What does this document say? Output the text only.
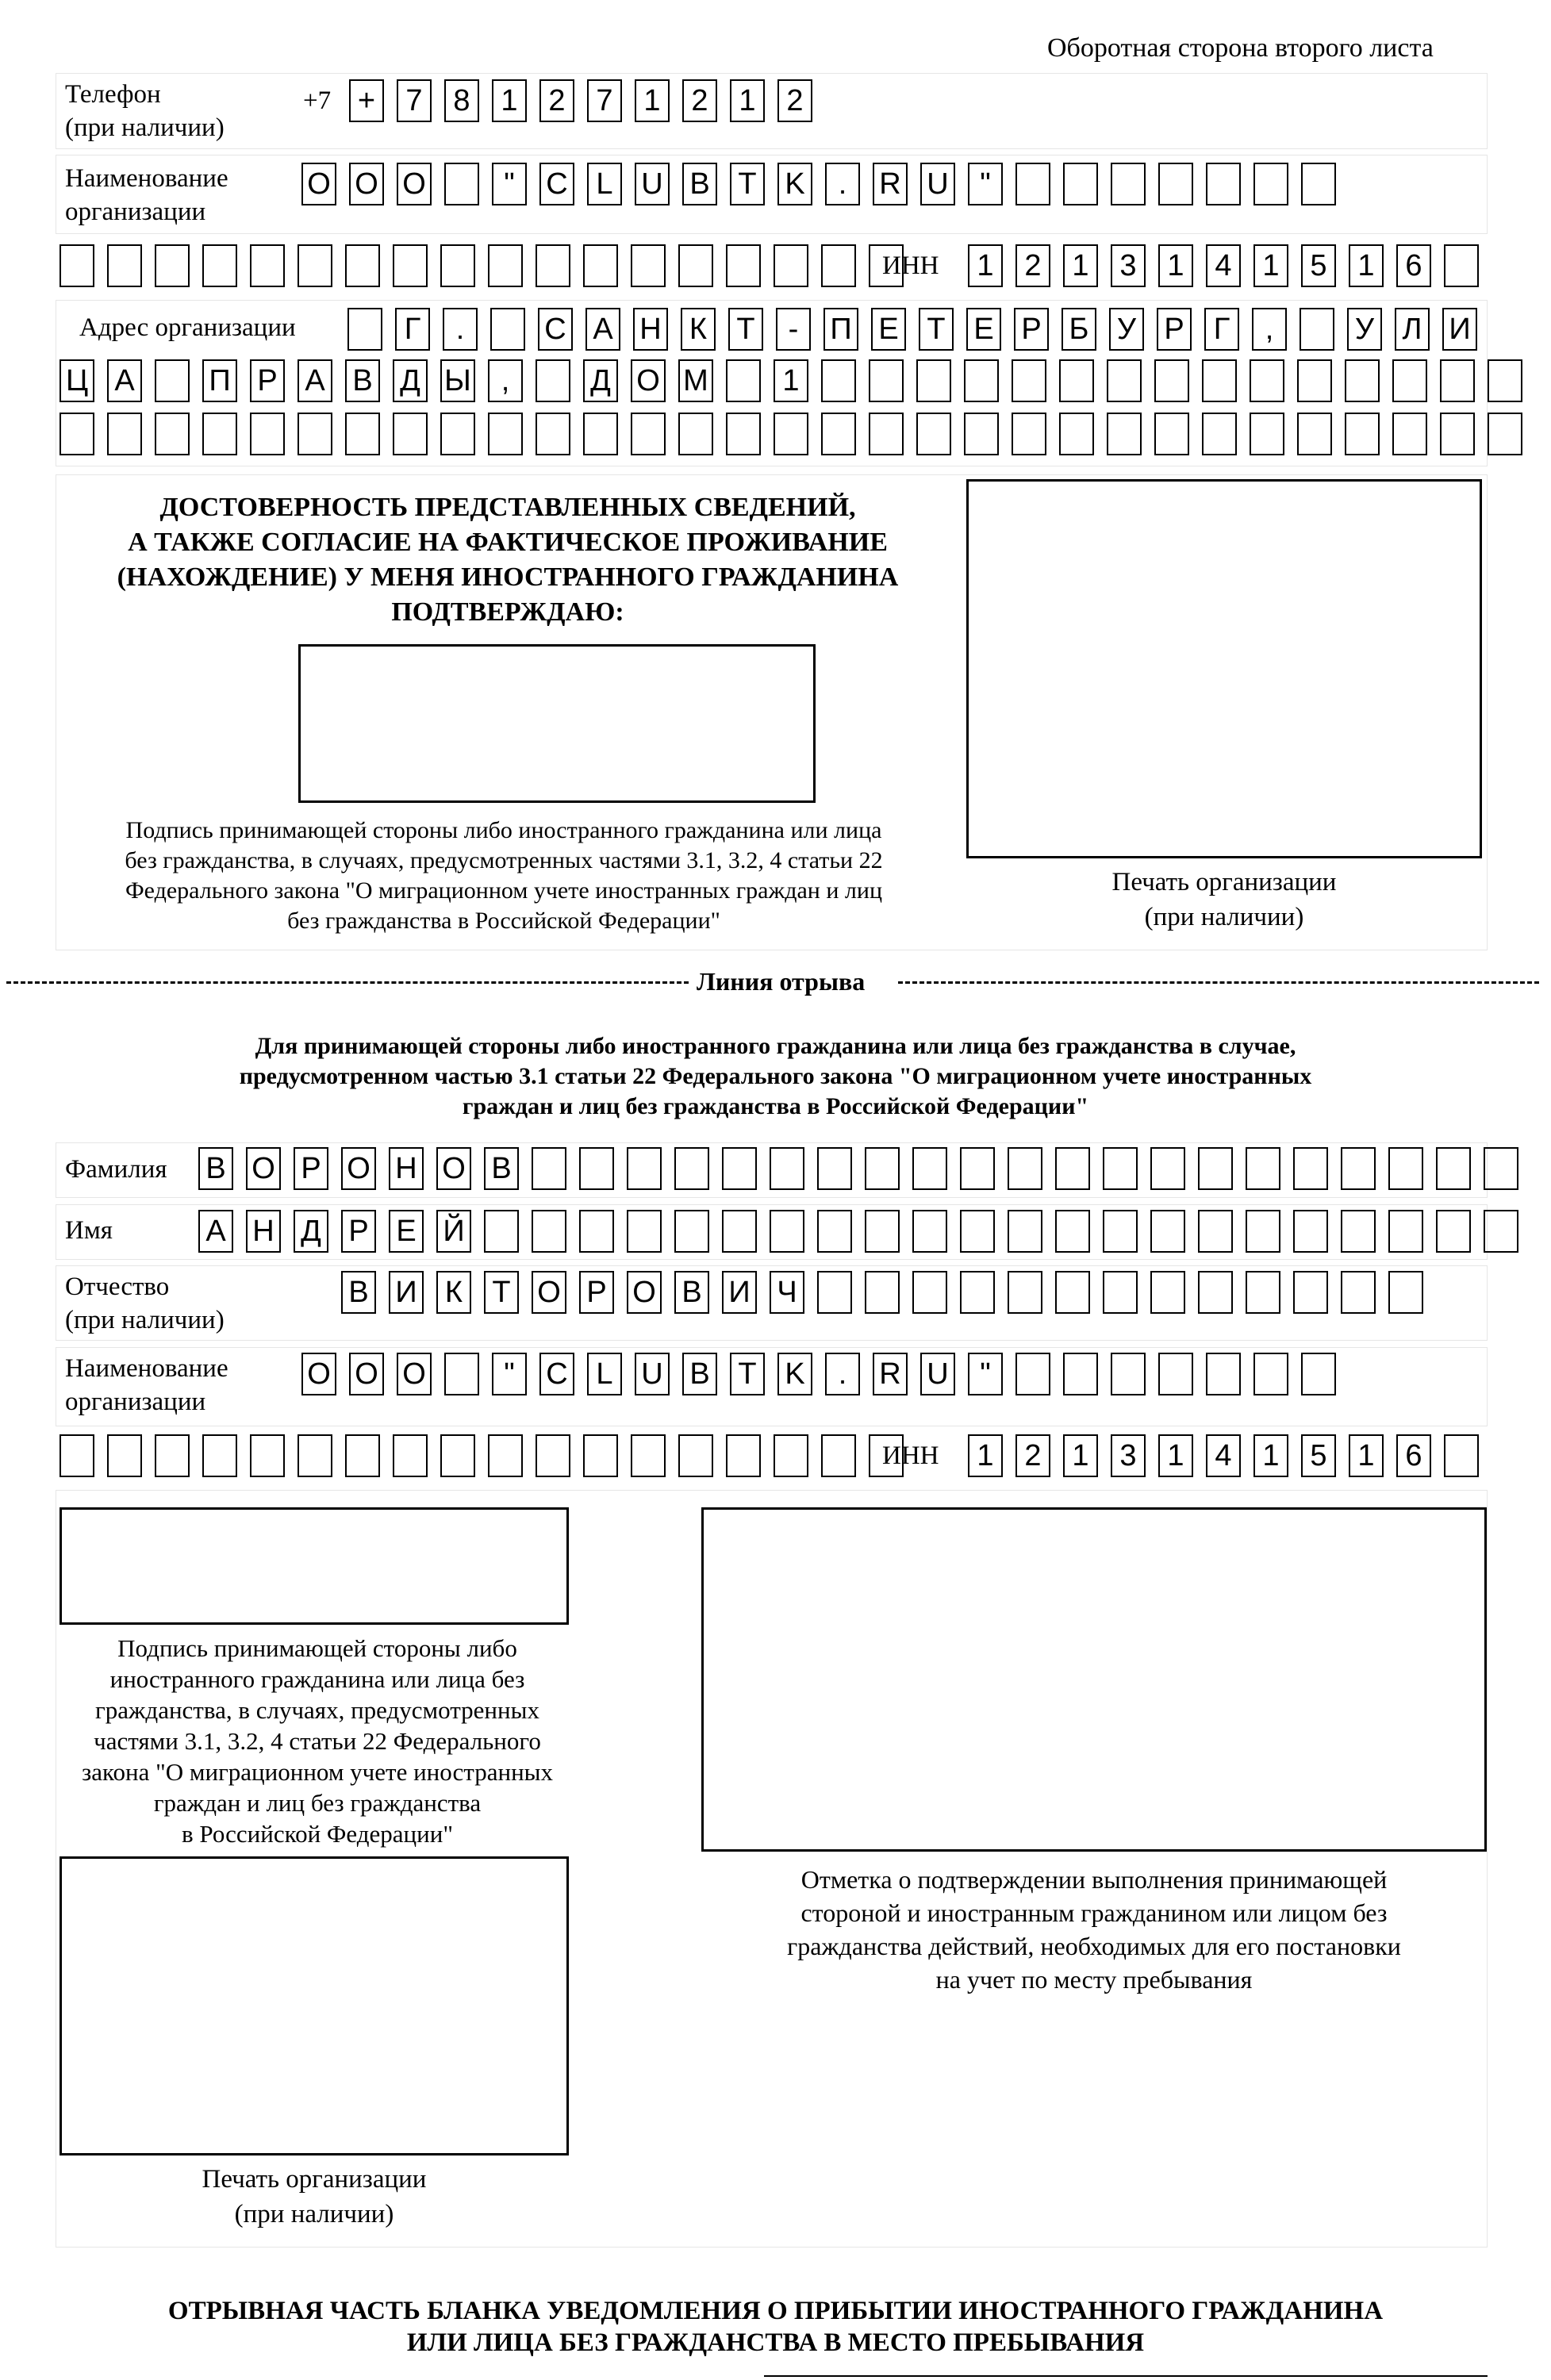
Оборотная сторона второго листа
Телефон
(при наличии)
+7 +	7	8	1	2	7	1	2	1	2
Наименование
организации
О О О	"	С L U B T K	.	R U	"
ИНН	1	2	1	3	1	4	1	5	1	6
Адрес организации	Г	.	С А Н К Т	-	П Е Т Е Р Б У Р Г	,	У Л И
Ц А П Р А В Д Ы ,	Д О М	1
ДОСТОВЕРНОСТЬ ПРЕДСТАВЛЕННЫХ СВЕДЕНИЙ,
А ТАКЖЕ СОГЛАСИЕ НА ФАКТИЧЕСКОЕ ПРОЖИВАНИЕ
(НАХОЖДЕНИЕ) У МЕНЯ ИНОСТРАННОГО ГРАЖДАНИНА
ПОДТВЕРЖДАЮ:
Подпись принимающей стороны либо иностранного гражданина или лица
без гражданства, в случаях, предусмотренных частями 3.1, 3.2, 4 статьи 22
Федерального закона "О миграционном учете иностранных граждан и лиц
без гражданства в Российской Федерации"
Печать организации
(при наличии)
Линия отрыва
Для принимающей стороны либо иностранного гражданина или лица без гражданства в случае,
предусмотренном частью 3.1 статьи 22 Федерального закона "О миграционном учете иностранных
граждан и лиц без гражданства в Российской Федерации"
Фамилия В О Р О Н О В
Имя	А Н Д Р Е Й
Отчество
(при наличии)
В И К Т О Р О В И Ч
Наименование
организации
О О О	"	С L U B T K	.	R U	"
ИНН	1	2	1	3	1	4	1	5	1	6
Подпись принимающей стороны либо
иностранного гражданина или лица без
гражданства, в случаях, предусмотренных
частями 3.1, 3.2, 4 статьи 22 Федерального
закона "О миграционном учете иностранных
граждан и лиц без гражданства
в Российской Федерации"
Отметка о подтверждении выполнения принимающей
стороной и иностранным гражданином или лицом без
гражданства действий, необходимых для его постановки
на учет по месту пребывания
Печать организации
(при наличии)
ОТРЫВНАЯ ЧАСТЬ БЛАНКА УВЕДОМЛЕНИЯ О ПРИБЫТИИ ИНОСТРАННОГО ГРАЖДАНИНА
ИЛИ ЛИЦА БЕЗ ГРАЖДАНСТВА В МЕСТО ПРЕБЫВАНИЯ
